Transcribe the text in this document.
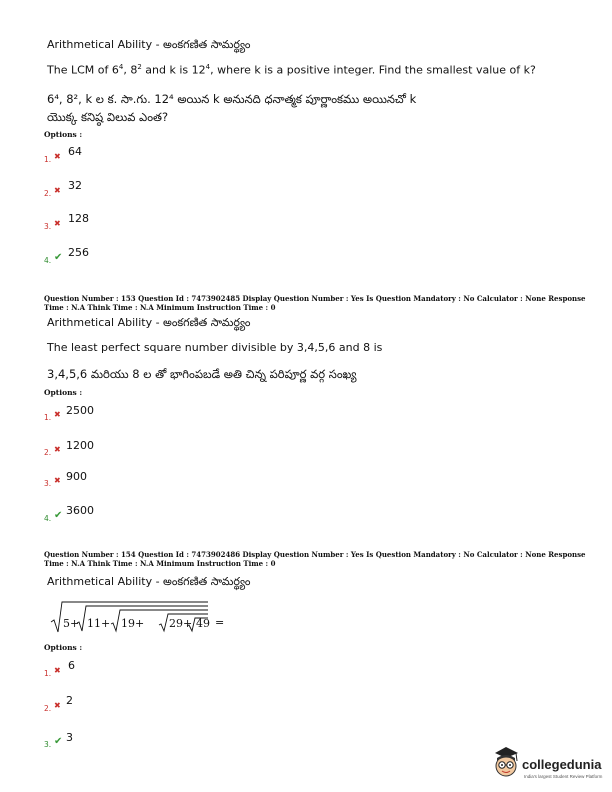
Arithmetical Ability - అంకగణిత సామర్థ్యం
The LCM of $6^4$, $8^2$ and k is $12^4$, where k is a positive integer. Find the smallest value of k?
6⁴, 8², k ల క. సా.గు. 12⁴ అయిన k అనునది ధనాత్మక పూర్ణాంకము అయినచో k
యొక్క కనిష్ఠ విలువ ఎంత?
Options :
1. ✖ 64
2. ✖ 32
3. ✖ 128
4. ✔ 256
Question Number : 153 Question Id : 7473902485 Display Question Number : Yes Is Question Mandatory : No Calculator : None Response
Time : N.A Think Time : N.A Minimum Instruction Time : 0
Arithmetical Ability - అంకగణిత సామర్థ్యం
The least perfect square number divisible by 3,4,5,6 and 8 is
3,4,5,6 మరియు 8 ల తో భాగింపబడే అతి చిన్న పరిపూర్ణ వర్గ సంఖ్య
Options :
1. ✖ 2500
2. ✖ 1200
3. ✖ 900
4. ✔ 3600
Question Number : 154 Question Id : 7473902486 Display Question Number : Yes Is Question Mandatory : No Calculator : None Response
Time : N.A Think Time : N.A Minimum Instruction Time : 0
Arithmetical Ability - అంకగణిత సామర్థ్యం
5+ 11+ 19+ 29+ 49 =
Options :
1. ✖ 6
2. ✖ 2
3. ✔ 3
collegedunia
India's largest Student Review Platform
